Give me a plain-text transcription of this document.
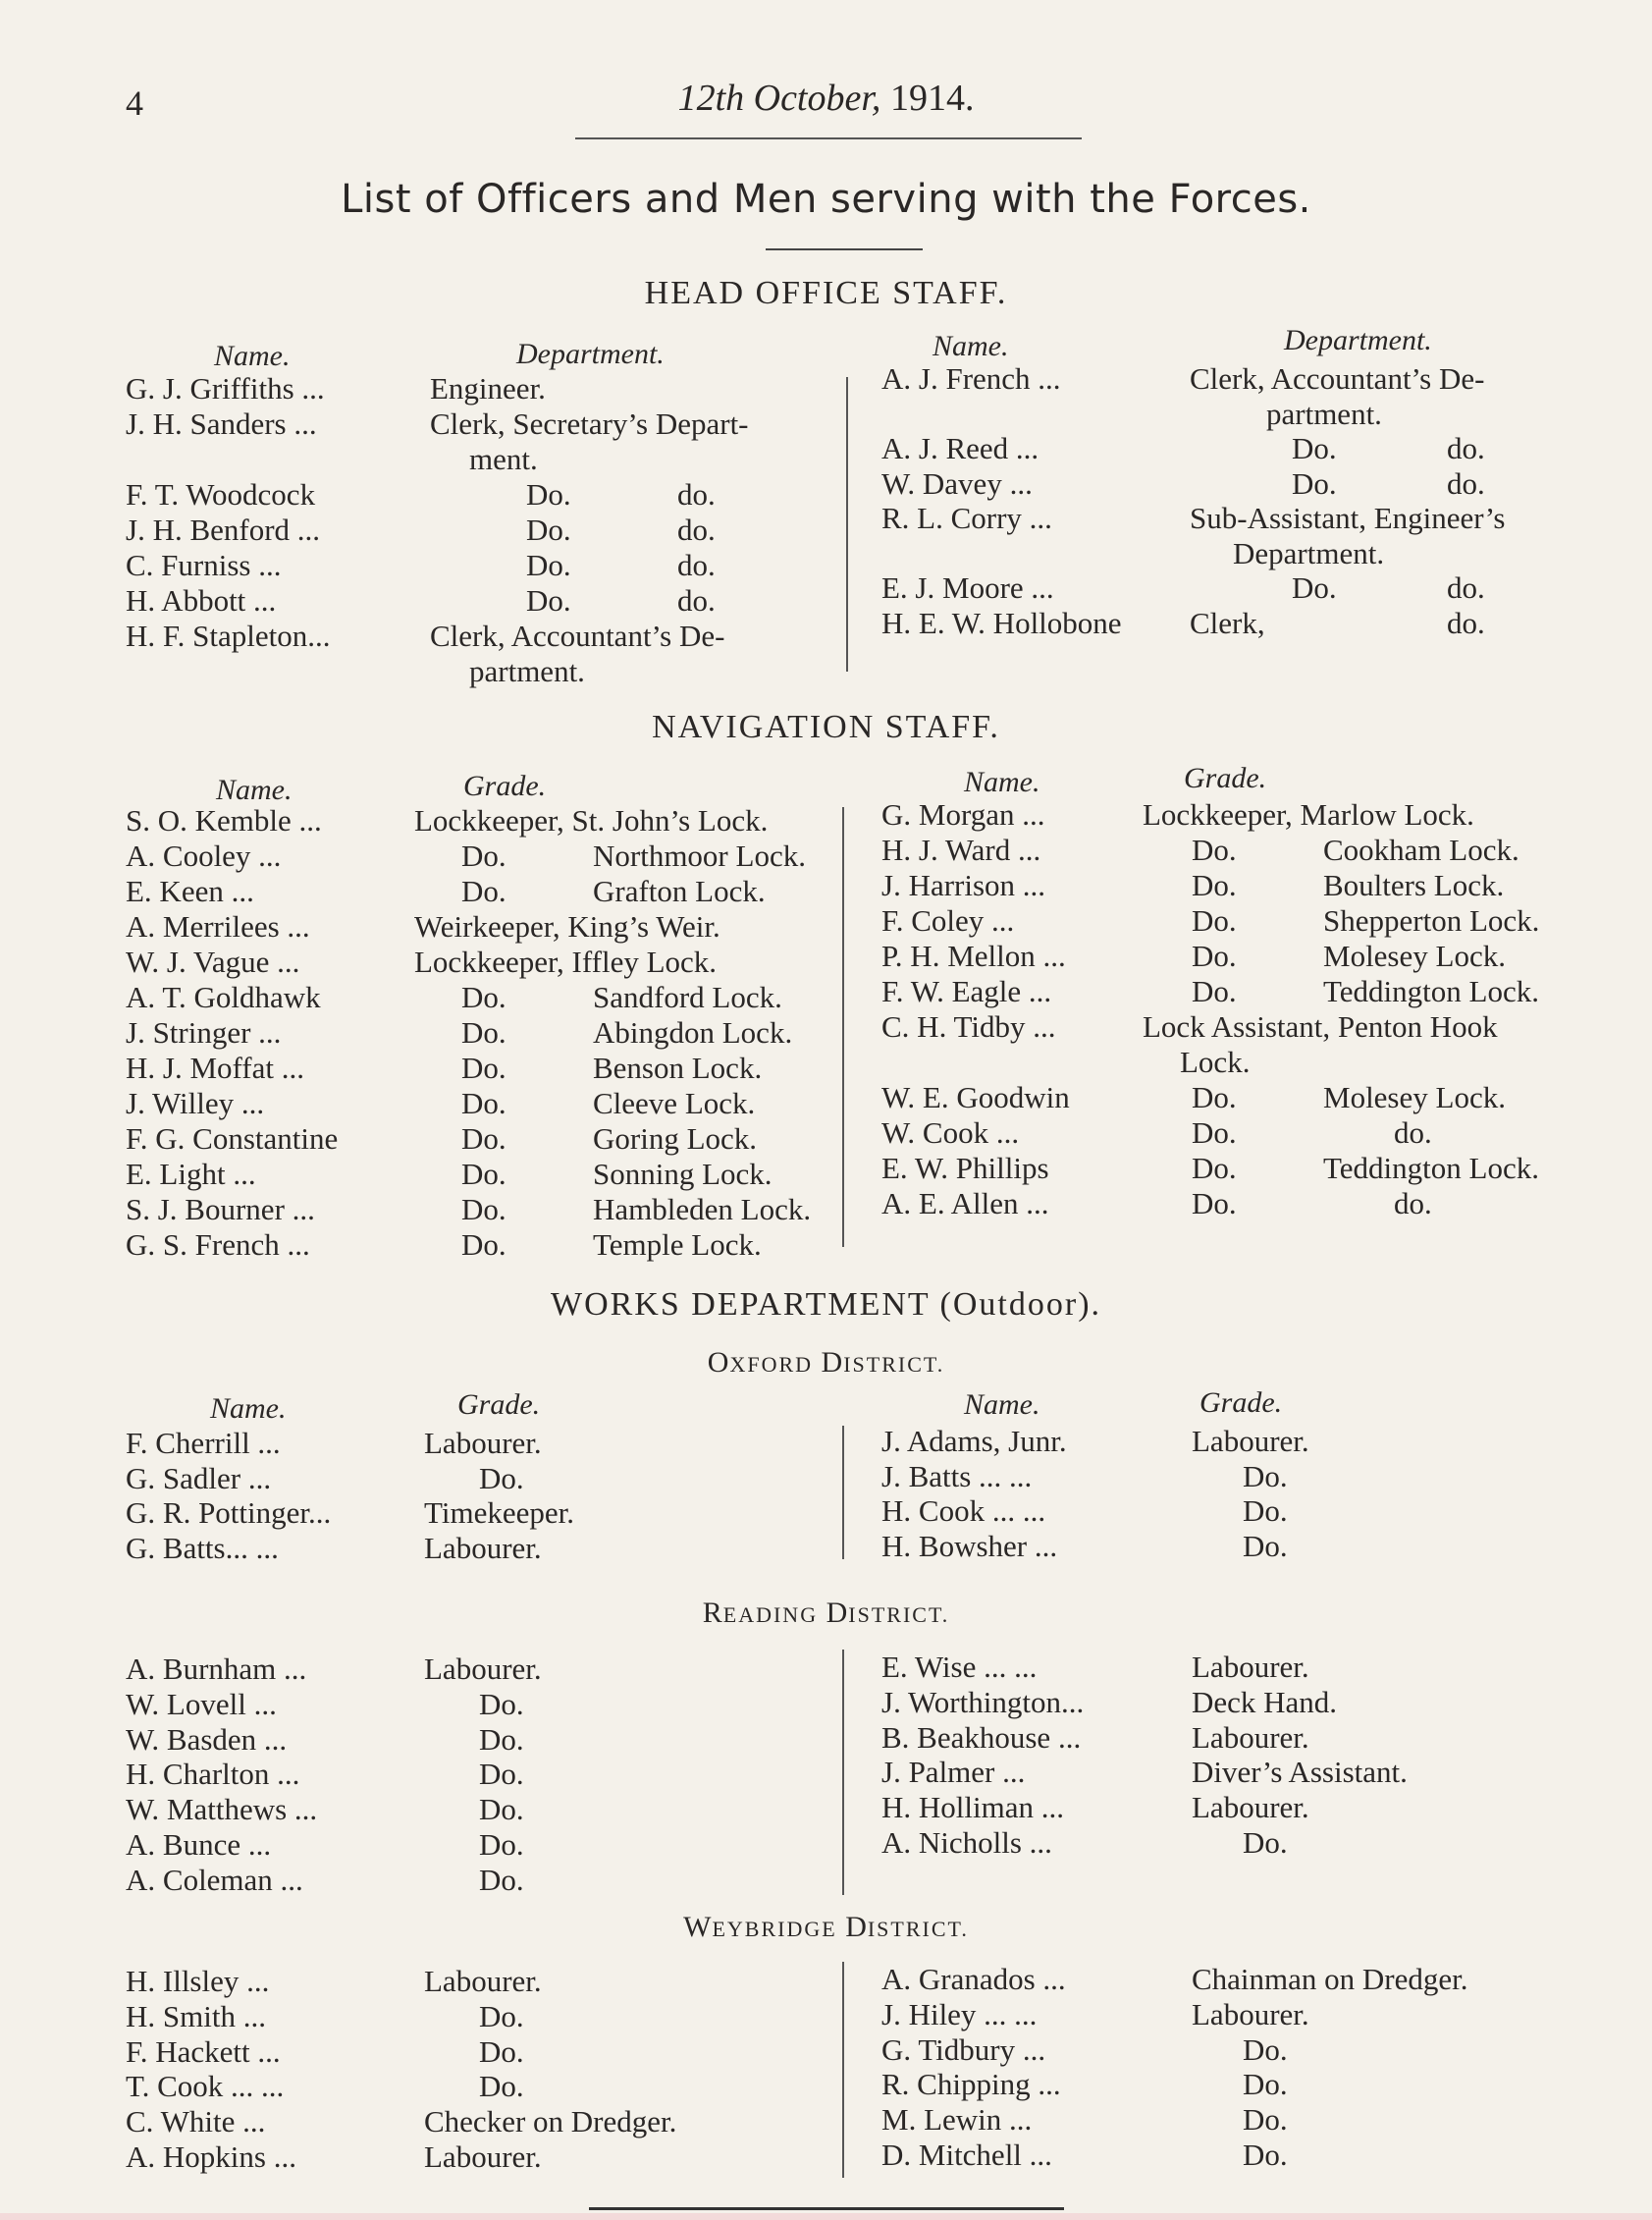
4	12th October, 1914.
List of Officers and Men serving with the Forces.
HEAD OFFICE STAFF.
Name.	Department.	Name.	Department.
G. J. Griffiths ...	Engineer.
J. H. Sanders ...	Clerk, Secretary’s Depart-
ment.
F. T. Woodcock	Do.	do.
J. H. Benford ...	Do.	do.
C. Furniss ...	Do.	do.
H. Abbott ...	Do.	do.
H. F. Stapleton...	Clerk, Accountant’s De-
partment.
A. J. French ...	Clerk, Accountant’s De-
partment.
A. J. Reed ...	Do.	do.
W. Davey ...	Do.	do.
R. L. Corry ...	Sub-Assistant, Engineer’s
Department.
E. J. Moore ...	Do.	do.
H. E. W. Hollobone Clerk,	do.
NAVIGATION STAFF.
Name.	Grade.	Name.	Grade.
S. O. Kemble ...	Lockkeeper, St. John’s Lock.
A. Cooley ...	Do.	Northmoor Lock.
E. Keen ...	Do.	Grafton Lock.
A. Merrilees ...	Weirkeeper, King’s Weir.
W. J. Vague ...	Lockkeeper, Iffley Lock.
A. T. Goldhawk	Do.	Sandford Lock.
J. Stringer ...	Do.	Abingdon Lock.
H. J. Moffat ...	Do.	Benson Lock.
J. Willey ...	Do.	Cleeve Lock.
F. G. Constantine	Do.	Goring Lock.
E. Light ...	Do.	Sonning Lock.
S. J. Bourner ...	Do.	Hambleden Lock.
G. S. French ...	Do.	Temple Lock.
G. Morgan ...	Lockkeeper, Marlow Lock.
H. J. Ward ...	Do.	Cookham Lock.
J. Harrison ...	Do.	Boulters Lock.
F. Coley ...	Do.	Shepperton Lock.
P. H. Mellon ...	Do.	Molesey Lock.
F. W. Eagle ...	Do.	Teddington Lock.
C. H. Tidby ...	Lock Assistant, Penton Hook
Lock.
W. E. Goodwin	Do.	Molesey Lock.
W. Cook ...	Do.	do.
E. W. Phillips	Do.	Teddington Lock.
A. E. Allen ...	Do.	do.
WORKS DEPARTMENT (Outdoor).
OXFORD DISTRICT.
Name.	Grade.	Name.	Grade.
F. Cherrill ...	Labourer.
G. Sadler ...	Do.
G. R. Pottinger...	Timekeeper.
G. Batts... ...	Labourer.
J. Adams, Junr.	Labourer.
J. Batts ... ...	Do.
H. Cook ... ...	Do.
H. Bowsher ...	Do.
READING DISTRICT.
A. Burnham ...	Labourer.
W. Lovell ...	Do.
W. Basden ...	Do.
H. Charlton ...	Do.
W. Matthews ...	Do.
A. Bunce ...	Do.
A. Coleman ...	Do.
E. Wise ... ...	Labourer.
J. Worthington...	Deck Hand.
B. Beakhouse ...	Labourer.
J. Palmer ...	Diver’s Assistant.
H. Holliman ...	Labourer.
A. Nicholls ...	Do.
WEYBRIDGE DISTRICT.
H. Illsley ...	Labourer.
H. Smith ...	Do.
F. Hackett ...	Do.
T. Cook ... ...	Do.
C. White ...	Checker on Dredger.
A. Hopkins ...	Labourer.
A. Granados ...	Chainman on Dredger.
J. Hiley ... ...	Labourer.
G. Tidbury ...	Do.
R. Chipping ...	Do.
M. Lewin ...	Do.
D. Mitchell ...	Do.
